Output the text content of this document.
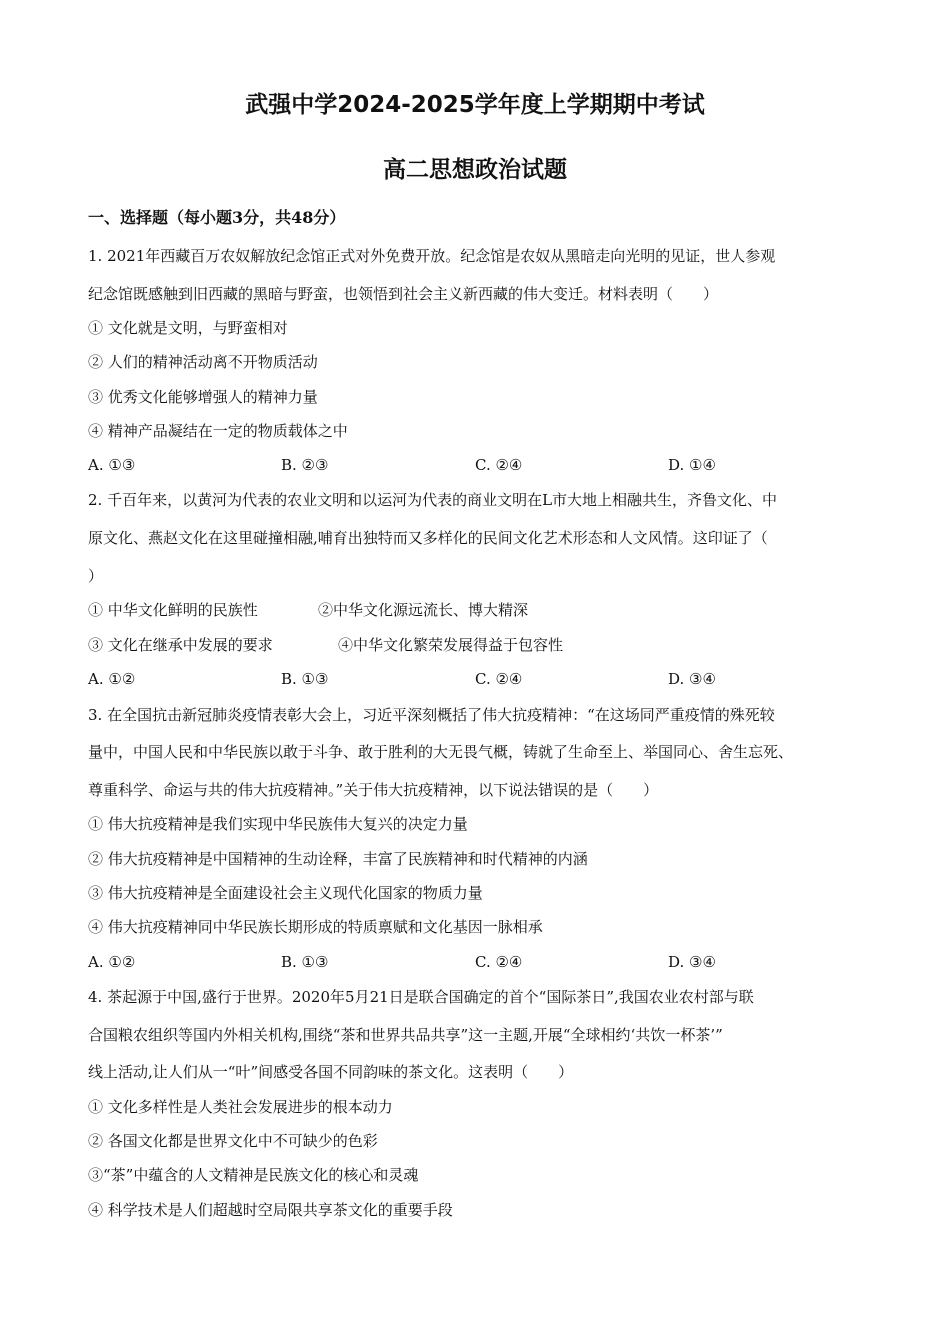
武强中学2024-2025学年度上学期期中考试
高二思想政治试题
一、选择题（每小题3分，共48分）
1. 2021年西藏百万农奴解放纪念馆正式对外免费开放。纪念馆是农奴从黑暗走向光明的见证，世人参观
纪念馆既感触到旧西藏的黑暗与野蛮，也领悟到社会主义新西藏的伟大变迁。材料表明（　　）
① 文化就是文明，与野蛮相对
② 人们的精神活动离不开物质活动
③ 优秀文化能够增强人的精神力量
④ 精神产品凝结在一定的物质载体之中
A. ①③	B. ②③	C. ②④	D. ①④
2. 千百年来，以黄河为代表的农业文明和以运河为代表的商业文明在L市大地上相融共生，齐鲁文化、中
原文化、燕赵文化在这里碰撞相融,哺育出独特而又多样化的民间文化艺术形态和人文风情。这印证了（
）
① 中华文化鲜明的民族性	②中华文化源远流长、博大精深
③ 文化在继承中发展的要求	④中华文化繁荣发展得益于包容性
A. ①②	B. ①③	C. ②④	D. ③④
3. 在全国抗击新冠肺炎疫情表彰大会上，习近平深刻概括了伟大抗疫精神：“在这场同严重疫情的殊死较
量中，中国人民和中华民族以敢于斗争、敢于胜利的大无畏气概，铸就了生命至上、举国同心、舍生忘死、
尊重科学、命运与共的伟大抗疫精神。”关于伟大抗疫精神，以下说法错误的是（　　）
① 伟大抗疫精神是我们实现中华民族伟大复兴的决定力量
② 伟大抗疫精神是中国精神的生动诠释，丰富了民族精神和时代精神的内涵
③ 伟大抗疫精神是全面建设社会主义现代化国家的物质力量
④ 伟大抗疫精神同中华民族长期形成的特质禀赋和文化基因一脉相承
A. ①②	B. ①③	C. ②④	D. ③④
4. 茶起源于中国,盛行于世界。2020年5月21日是联合国确定的首个“国际茶日”,我国农业农村部与联
合国粮农组织等国内外相关机构,围绕“茶和世界共品共享”这一主题,开展“全球相约‘共饮一杯茶’”
线上活动,让人们从一“叶”间感受各国不同韵味的茶文化。这表明（　　）
① 文化多样性是人类社会发展进步的根本动力
② 各国文化都是世界文化中不可缺少的色彩
③“茶”中蕴含的人文精神是民族文化的核心和灵魂
④ 科学技术是人们超越时空局限共享茶文化的重要手段
